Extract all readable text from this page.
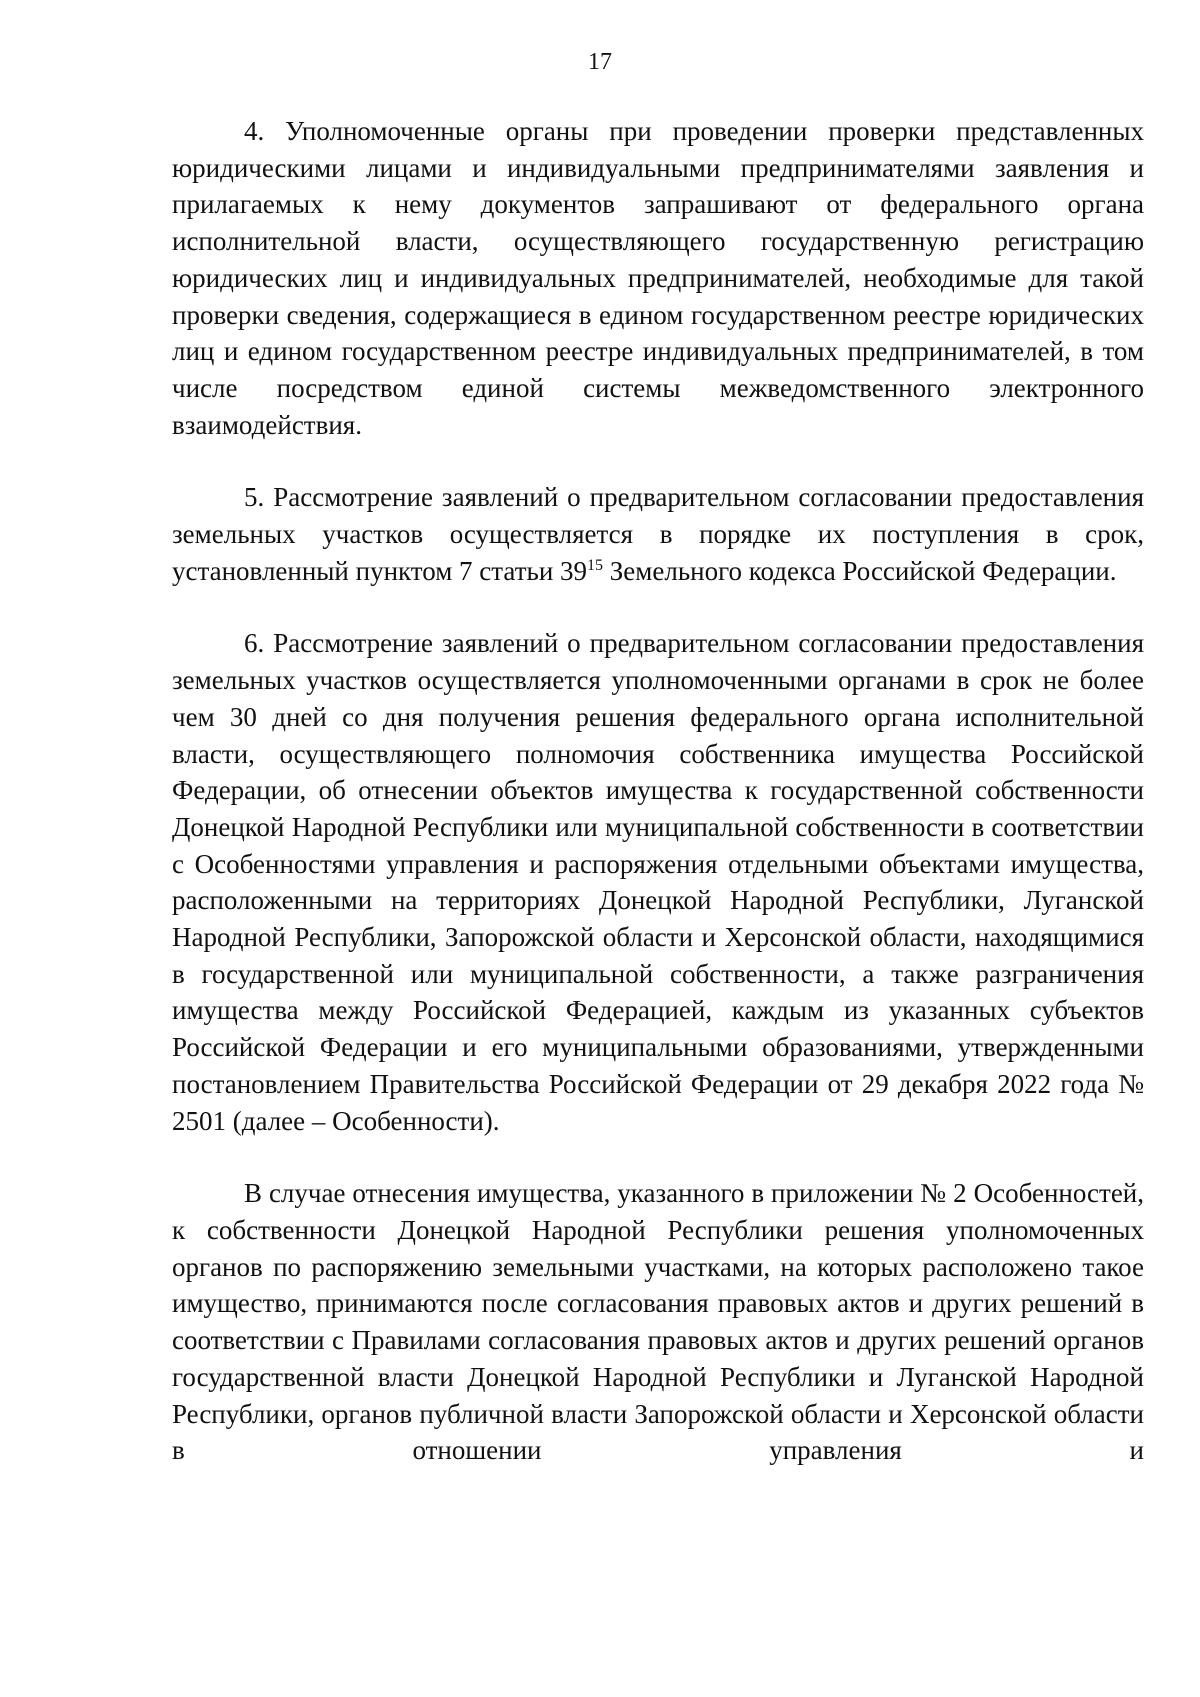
17

4. Уполномоченные органы при проведении проверки представленных юридическими лицами и индивидуальными предпринимателями заявления и прилагаемых к нему документов запрашивают от федерального органа исполнительной власти, осуществляющего государственную регистрацию юридических лиц и индивидуальных предпринимателей, необходимые для такой проверки сведения, содержащиеся в едином государственном реестре юридических лиц и едином государственном реестре индивидуальных предпринимателей, в том числе посредством единой системы межведомственного электронного взаимодействия.

5. Рассмотрение заявлений о предварительном согласовании предоставления земельных участков осуществляется в порядке их поступления в срок, установленный пунктом 7 статьи $39^{15}$ Земельного кодекса Российской Федерации.

6. Рассмотрение заявлений о предварительном согласовании предоставления земельных участков осуществляется уполномоченными органами в срок не более чем 30 дней со дня получения решения федерального органа исполнительной власти, осуществляющего полномочия собственника имущества Российской Федерации, об отнесении объектов имущества к государственной собственности Донецкой Народной Республики или муниципальной собственности в соответствии с Особенностями управления и распоряжения отдельными объектами имущества, расположенными на территориях Донецкой Народной Республики, Луганской Народной Республики, Запорожской области и Херсонской области, находящимися в государственной или муниципальной собственности, а также разграничения имущества между Российской Федерацией, каждым из указанных субъектов Российской Федерации и его муниципальными образованиями, утвержденными постановлением Правительства Российской Федерации от 29 декабря 2022 года № 2501 (далее – Особенности).

В случае отнесения имущества, указанного в приложении № 2 Особенностей, к собственности Донецкой Народной Республики решения уполномоченных органов по распоряжению земельными участками, на которых расположено такое имущество, принимаются после согласования правовых актов и других решений в соответствии с Правилами согласования правовых актов и других решений органов государственной власти Донецкой Народной Республики и Луганской Народной Республики, органов публичной власти Запорожской области и Херсонской области в отношении управления и
